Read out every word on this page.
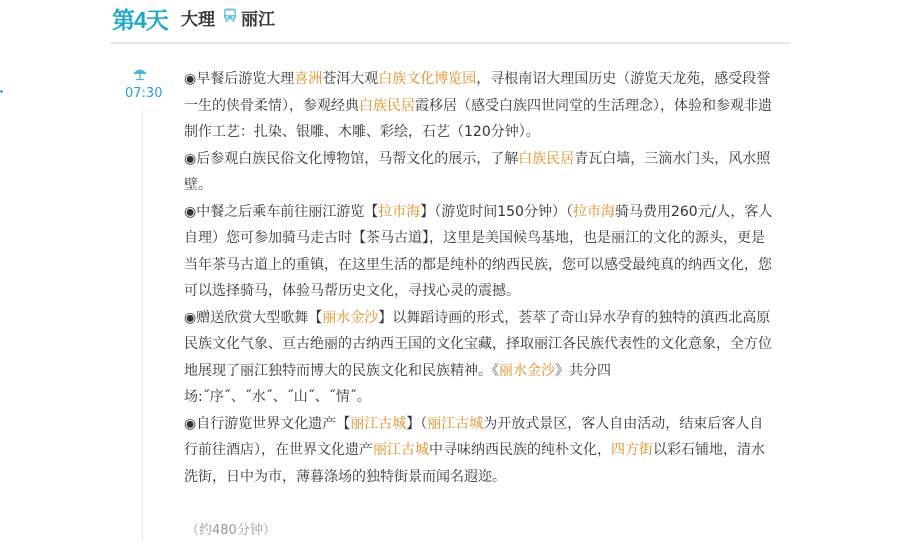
第4天 大理 丽江
07:30

◉早餐后游览大理喜洲苍洱大观白族文化博览园，寻根南诏大理国历史（游览天龙苑，感受段誉一生的侠骨柔情），参观经典白族民居霞移居（感受白族四世同堂的生活理念），体验和参观非遗制作工艺：扎染、银雕、木雕、彩绘，石艺（120分钟）。

◉后参观白族民俗文化博物馆，马帮文化的展示，了解白族民居青瓦白墙，三滴水门头，风水照壁。

◉中餐之后乘车前往丽江游览【拉市海】（游览时间150分钟）（拉市海骑马费用260元/人，客人自理）您可参加骑马走古时【茶马古道】，这里是美国候鸟基地，也是丽江的文化的源头，更是当年茶马古道上的重镇，在这里生活的都是纯朴的纳西民族，您可以感受最纯真的纳西文化，您可以选择骑马，体验马帮历史文化，寻找心灵的震撼。

◉赠送欣赏大型歌舞【丽水金沙】以舞蹈诗画的形式，荟萃了奇山异水孕育的独特的滇西北高原民族文化气象、亘古绝丽的古纳西王国的文化宝藏，择取丽江各民族代表性的文化意象，全方位地展现了丽江独特而博大的民族文化和民族精神。《丽水金沙》共分四

场:˝序˝、˝水˝、˝山˝、˝情˝。

◉自行游览世界文化遗产【丽江古城】（丽江古城为开放式景区，客人自由活动，结束后客人自行前往酒店），在世界文化遗产丽江古城中寻味纳西民族的纯朴文化，四方街以彩石铺地，清水洗街，日中为市，薄暮涤场的独特街景而闻名遐迩。

（约480分钟）
